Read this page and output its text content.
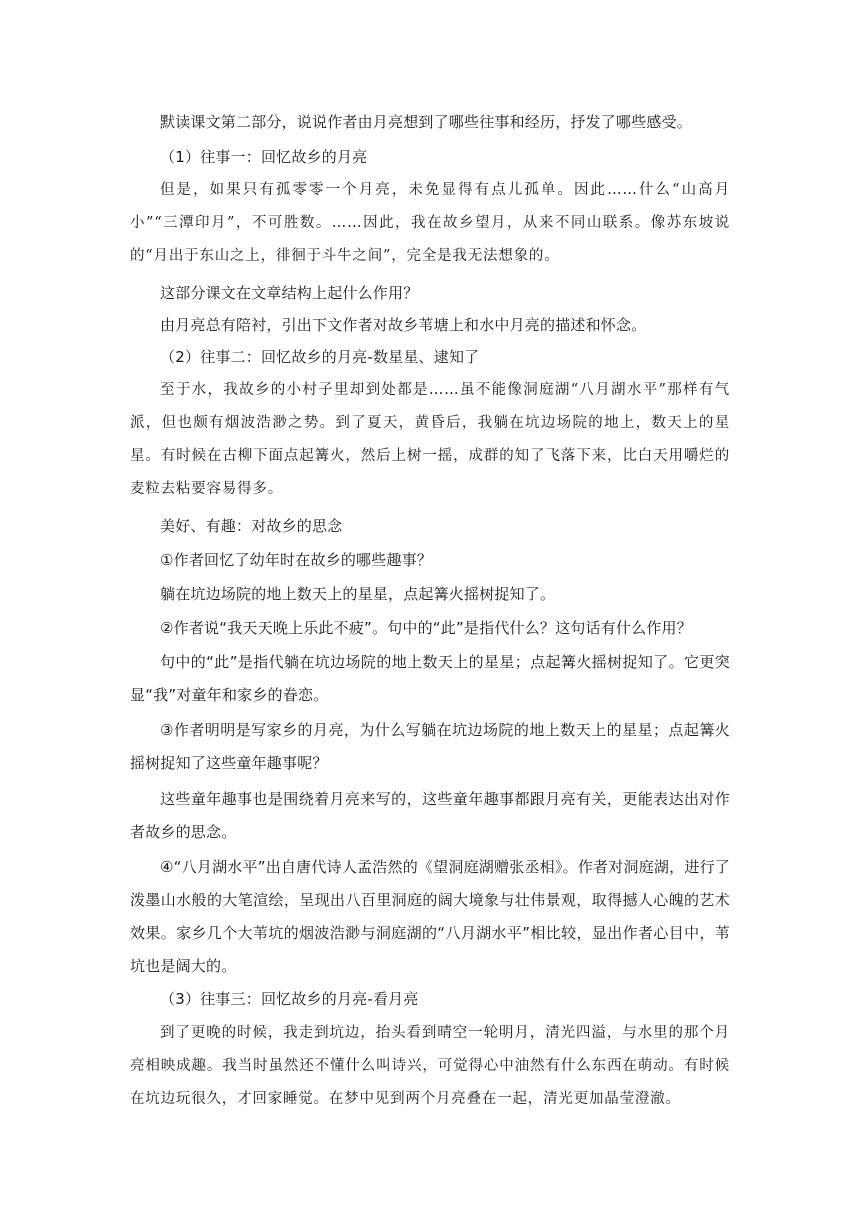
默读课文第二部分，说说作者由月亮想到了哪些往事和经历，抒发了哪些感受。

（1）往事一：回忆故乡的月亮

但是，如果只有孤零零一个月亮，未免显得有点儿孤单。因此……什么“山高月小”“三潭印月”，不可胜数。……因此，我在故乡望月，从来不同山联系。像苏东坡说的“月出于东山之上，徘徊于斗牛之间”，完全是我无法想象的。

这部分课文在文章结构上起什么作用？

由月亮总有陪衬，引出下文作者对故乡苇塘上和水中月亮的描述和怀念。

（2）往事二：回忆故乡的月亮-数星星、逮知了

至于水，我故乡的小村子里却到处都是……虽不能像洞庭湖“八月湖水平”那样有气派，但也颇有烟波浩渺之势。到了夏天，黄昏后，我躺在坑边场院的地上，数天上的星星。有时候在古柳下面点起篝火，然后上树一摇，成群的知了飞落下来，比白天用嚼烂的麦粒去粘要容易得多。

美好、有趣：对故乡的思念

①作者回忆了幼年时在故乡的哪些趣事？

躺在坑边场院的地上数天上的星星，点起篝火摇树捉知了。

②作者说“我天天晚上乐此不疲”。句中的“此”是指代什么？这句话有什么作用？

句中的“此”是指代躺在坑边场院的地上数天上的星星；点起篝火摇树捉知了。它更突显“我”对童年和家乡的眷恋。

③作者明明是写家乡的月亮，为什么写躺在坑边场院的地上数天上的星星；点起篝火摇树捉知了这些童年趣事呢？

这些童年趣事也是围绕着月亮来写的，这些童年趣事都跟月亮有关，更能表达出对作者故乡的思念。

④“八月湖水平”出自唐代诗人孟浩然的《望洞庭湖赠张丞相》。作者对洞庭湖，进行了泼墨山水般的大笔渲绘，呈现出八百里洞庭的阔大境象与壮伟景观，取得撼人心魄的艺术效果。家乡几个大苇坑的烟波浩渺与洞庭湖的“八月湖水平”相比较，显出作者心目中，苇坑也是阔大的。

（3）往事三：回忆故乡的月亮-看月亮

到了更晚的时候，我走到坑边，抬头看到晴空一轮明月，清光四溢，与水里的那个月亮相映成趣。我当时虽然还不懂什么叫诗兴，可觉得心中油然有什么东西在萌动。有时候在坑边玩很久，才回家睡觉。在梦中见到两个月亮叠在一起，清光更加晶莹澄澈。
